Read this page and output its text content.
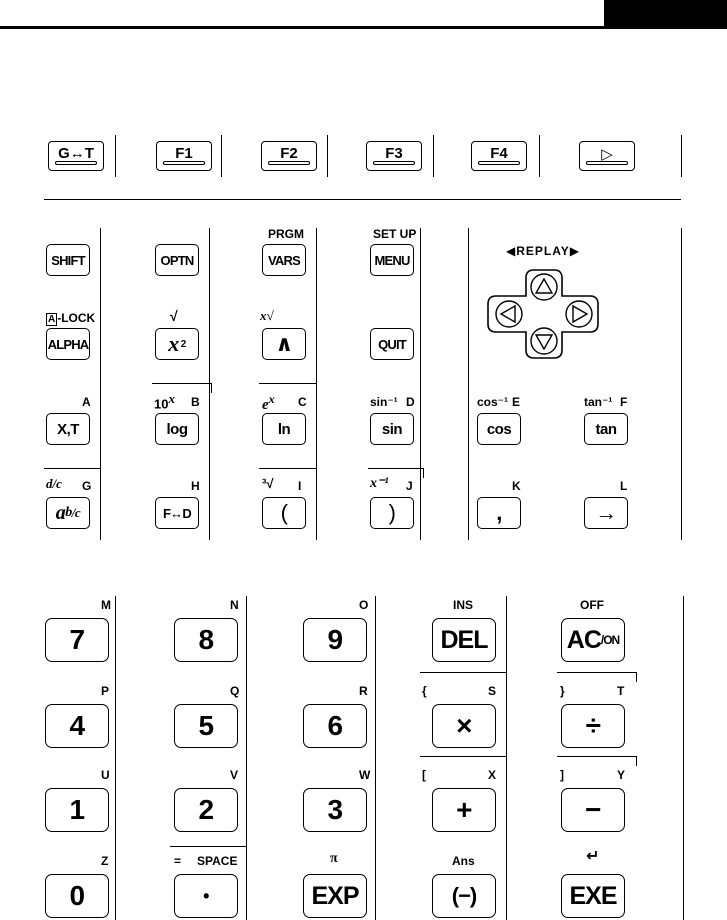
G↔T	F1	F2	F3	F4	▷
SHIFT	OPTN
PRGM
VARS
SET UP
MENU
◀REPLAY▶
A -LOCK
ALPHA
√
x 2
x√
∧	QUIT
A
X,T
10$^x$ B
log
$e^x$ C
ln
sin⁻¹ D
sin
cos⁻¹ E
cos
tan⁻¹ F
tan
d/c G
a b / c
H
F↔D
³√ I
(
x⁻¹ J
)
K
,
L
→
M
7
N
8
O
9
INS
DEL
OFF
AC /ON
P
4
Q
5
R
6
{	S
×
}	T
÷
U
1
V
2
W
3
[	X
+
]	Y
−
Z
0
= SPACE
•
π
EXP
Ans
(−)
↵
EXE
